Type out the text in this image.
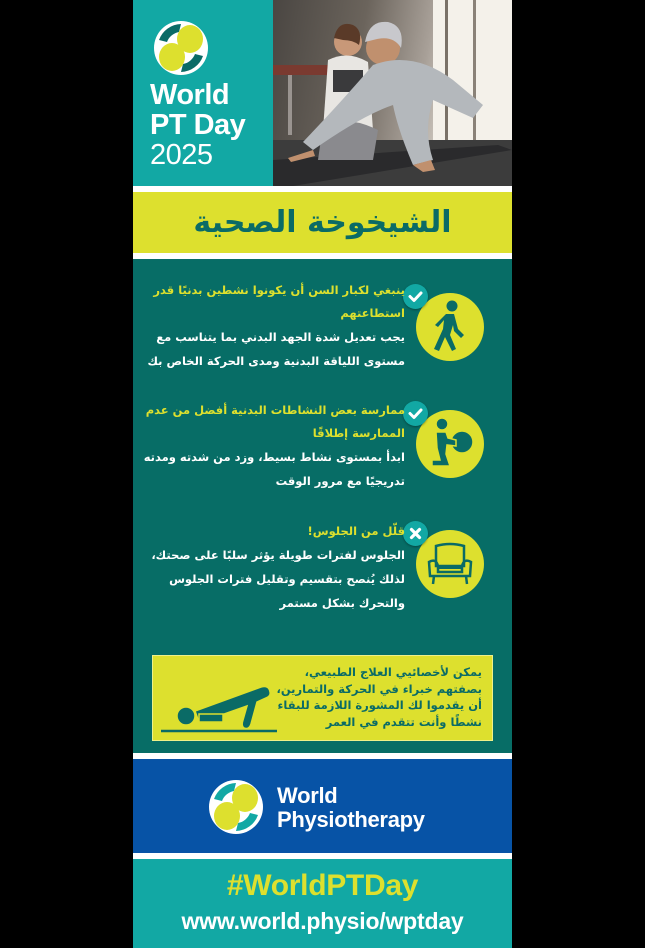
World
PT Day
2025
الشيخوخة الصحية
ينبغي لكبار السن أن يكونوا نشطين بدنيًا قدر استطاعتهم
يجب تعديل شدة الجهد البدني بما يتناسب مع مستوى اللياقة البدنية ومدى الحركة الخاص بك
ممارسة بعض النشاطات البدنية أفضل من عدم الممارسة إطلاقًا
ابدأ بمستوى نشاط بسيط، وزد من شدته ومدته تدريجيًا مع مرور الوقت
قلّل من الجلوس!
الجلوس لفترات طويلة يؤثر سلبًا على صحتك، لذلك يُنصح بتقسيم وتقليل فترات الجلوس والتحرك بشكل مستمر
يمكن لأخصائيي العلاج الطبيعي، بصفتهم خبراء في الحركة والتمارين، أن يقدموا لك المشورة اللازمة للبقاء نشطًا وأنت تتقدم في العمر
World
Physiotherapy
#WorldPTDay
www.world.physio/wptday
